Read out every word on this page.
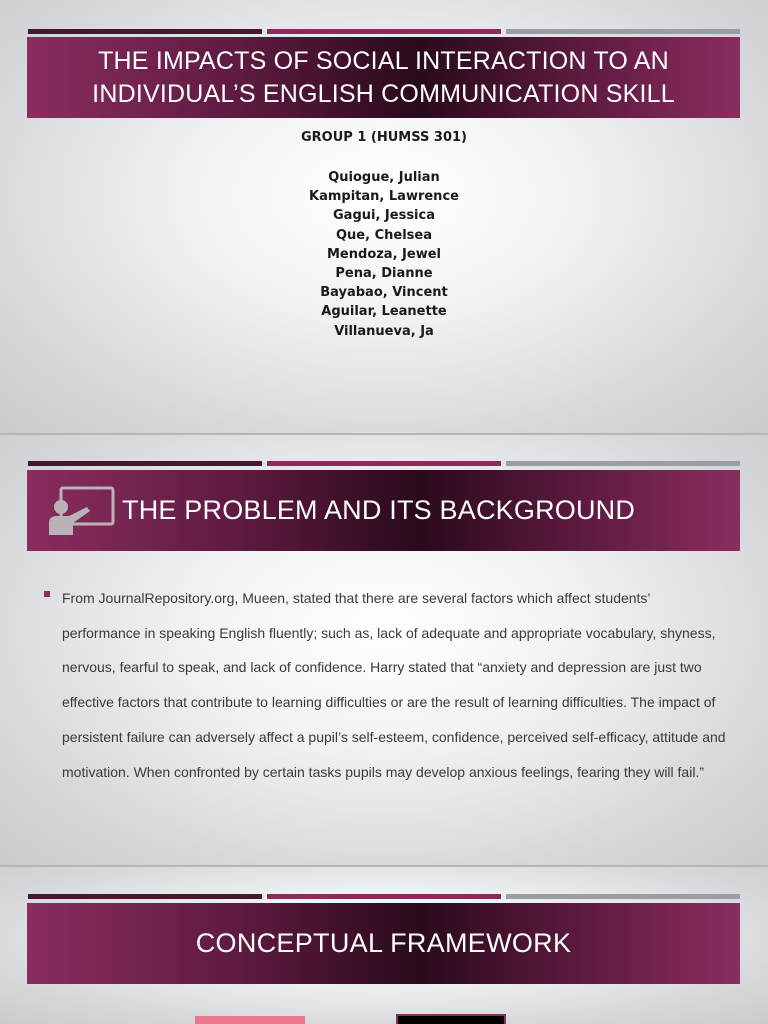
THE IMPACTS OF SOCIAL INTERACTION TO AN
INDIVIDUAL’S ENGLISH COMMUNICATION SKILL
GROUP 1 (HUMSS 301)
Quiogue, Julian
Kampitan, Lawrence
Gagui, Jessica
Que, Chelsea
Mendoza, Jewel
Pena, Dianne
Bayabao, Vincent
Aguilar, Leanette
Villanueva, Ja
THE PROBLEM AND ITS BACKGROUND
From JournalRepository.org, Mueen, stated that there are several factors which affect students’ performance in speaking English fluently; such as, lack of adequate and appropriate vocabulary, shyness, nervous, fearful to speak, and lack of confidence. Harry stated that “anxiety and depression are just two effective factors that contribute to learning difficulties or are the result of learning difficulties. The impact of persistent failure can adversely affect a pupil’s self-esteem, confidence, perceived self-efficacy, attitude and motivation. When confronted by certain tasks pupils may develop anxious feelings, fearing they will fail.”
CONCEPTUAL FRAMEWORK
